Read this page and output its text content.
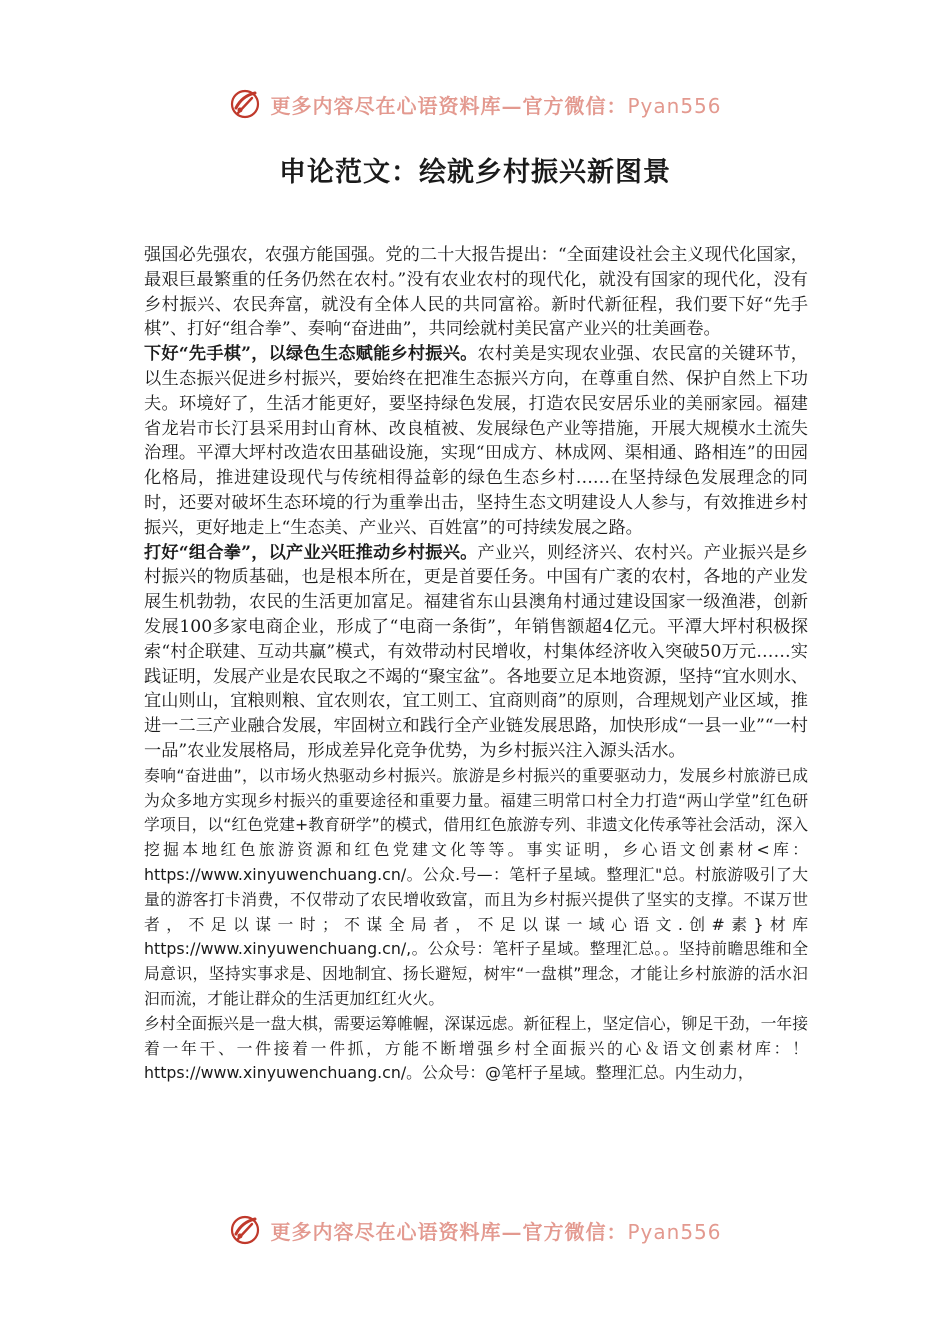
更多内容尽在心语资料库—官方微信：Pyan556
申论范文：绘就乡村振兴新图景

强国必先强农，农强方能国强。党的二十大报告提出：“全面建设社会主义现代化国家，最艰巨最繁重的任务仍然在农村。”没有农业农村的现代化，就没有国家的现代化，没有乡村振兴、农民奔富，就没有全体人民的共同富裕。新时代新征程，我们要下好“先手棋”、打好“组合拳”、奏响“奋进曲”，共同绘就村美民富产业兴的壮美画卷。

下好“先手棋”，以绿色生态赋能乡村振兴。农村美是实现农业强、农民富的关键环节，以生态振兴促进乡村振兴，要始终在把准生态振兴方向，在尊重自然、保护自然上下功夫。环境好了，生活才能更好，要坚持绿色发展，打造农民安居乐业的美丽家园。福建省龙岩市长汀县采用封山育林、改良植被、发展绿色产业等措施，开展大规模水土流失治理。平潭大坪村改造农田基础设施，实现“田成方、林成网、渠相通、路相连”的田园化格局，推进建设现代与传统相得益彰的绿色生态乡村……在坚持绿色发展理念的同时，还要对破坏生态环境的行为重拳出击，坚持生态文明建设人人参与，有效推进乡村振兴，更好地走上“生态美、产业兴、百姓富”的可持续发展之路。

打好“组合拳”，以产业兴旺推动乡村振兴。产业兴，则经济兴、农村兴。产业振兴是乡村振兴的物质基础，也是根本所在，更是首要任务。中国有广袤的农村，各地的产业发展生机勃勃，农民的生活更加富足。福建省东山县澳角村通过建设国家一级渔港，创新发展100多家电商企业，形成了“电商一条街”，年销售额超4亿元。平潭大坪村积极探索“村企联建、互动共赢”模式，有效带动村民增收，村集体经济收入突破50万元……实践证明，发展产业是农民取之不竭的“聚宝盆”。各地要立足本地资源，坚持“宜水则水、宜山则山，宜粮则粮、宜农则农，宜工则工、宜商则商”的原则，合理规划产业区域，推进一二三产业融合发展，牢固树立和践行全产业链发展思路，加快形成“一县一业”“一村一品”农业发展格局，形成差异化竞争优势，为乡村振兴注入源头活水。

奏响“奋进曲”，以市场火热驱动乡村振兴。旅游是乡村振兴的重要驱动力，发展乡村旅游已成为众多地方实现乡村振兴的重要途径和重要力量。福建三明常口村全力打造“两山学堂”红色研学项目，以“红色党建+教育研学”的模式，借用红色旅游专列、非遗文化传承等社会活动，深入挖掘本地红色旅游资源和红色党建文化等等。事实证明，乡心语文创素材<库：https://www.xinyuwenchuang.cn/。公众.号—：笔杆子星域。整理汇"总。村旅游吸引了大量的游客打卡消费，不仅带动了农民增收致富，而且为乡村振兴提供了坚实的支撑。不谋万世者，不足以谋一时；不谋全局者，不足以谋一域心语文.创#素}材库https://www.xinyuwenchuang.cn/,。公众号：笔杆子星域。整理汇总。。坚持前瞻思维和全局意识，坚持实事求是、因地制宜、扬长避短，树牢“一盘棋”理念，才能让乡村旅游的活水汩汩而流，才能让群众的生活更加红红火火。

乡村全面振兴是一盘大棋，需要运筹帷幄，深谋远虑。新征程上，坚定信心，铆足干劲，一年接着一年干、一件接着一件抓，方能不断增强乡村全面振兴的心＆语文创素材库：！https://www.xinyuwenchuang.cn/。公众号：@笔杆子星域。整理汇总。内生动力，

更多内容尽在心语资料库—官方微信：Pyan556
